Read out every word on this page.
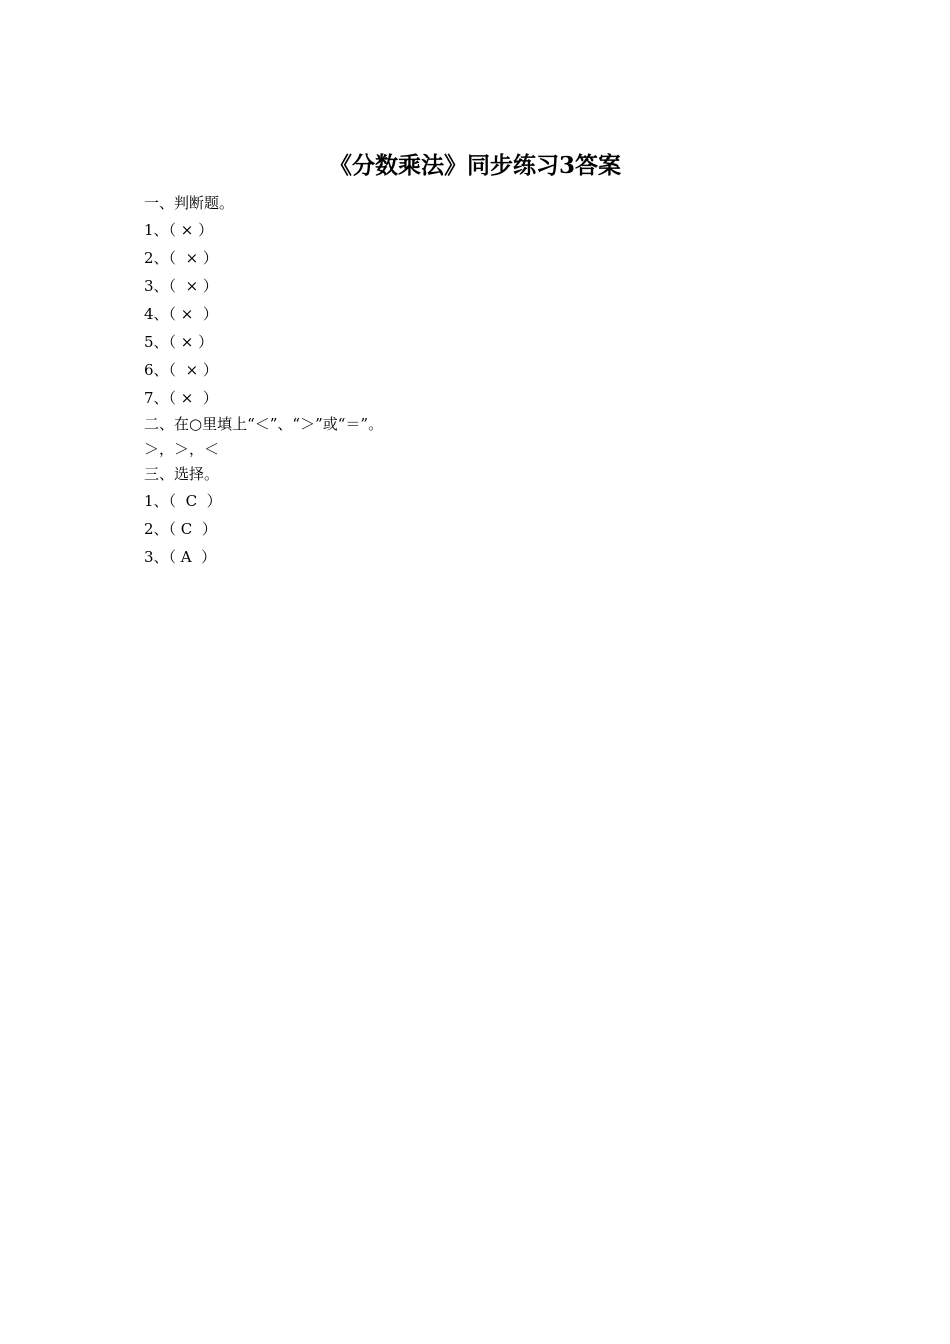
《分数乘法》同步练习3答案
一、判断题。
1、（ × ）
2、（  × ）
3、（  × ）
4、（ ×  ）
5、（ × ）
6、（  × ）
7、（ ×  ）
二、在○里填上“＜”、“＞”或“＝”。
＞，＞，＜
三、选择。
1、（  C  ）
2、（ C  ）
3、（ A  ）
